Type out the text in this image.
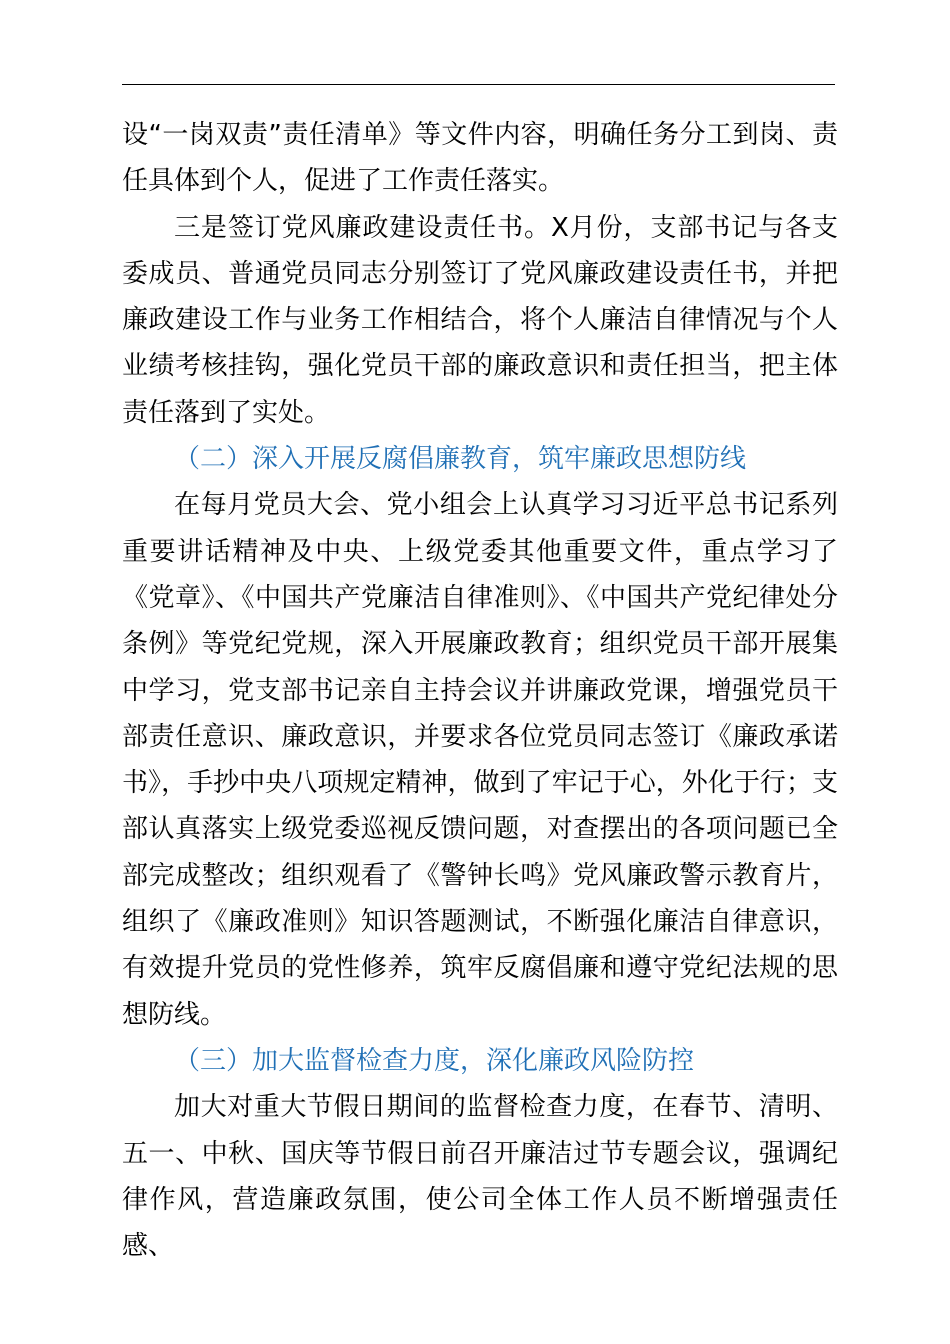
设“一岗双责”责任清单》等文件内容，明确任务分工到岗、责任具体到个人，促进了工作责任落实。

三是签订党风廉政建设责任书。X月份，支部书记与各支委成员、普通党员同志分别签订了党风廉政建设责任书，并把廉政建设工作与业务工作相结合，将个人廉洁自律情况与个人业绩考核挂钩，强化党员干部的廉政意识和责任担当，把主体责任落到了实处。

（二）深入开展反腐倡廉教育，筑牢廉政思想防线

在每月党员大会、党小组会上认真学习习近平总书记系列重要讲话精神及中央、上级党委其他重要文件，重点学习了《党章》、《中国共产党廉洁自律准则》、《中国共产党纪律处分条例》等党纪党规，深入开展廉政教育；组织党员干部开展集中学习，党支部书记亲自主持会议并讲廉政党课，增强党员干部责任意识、廉政意识，并要求各位党员同志签订《廉政承诺书》，手抄中央八项规定精神，做到了牢记于心，外化于行；支部认真落实上级党委巡视反馈问题，对查摆出的各项问题已全部完成整改；组织观看了《警钟长鸣》党风廉政警示教育片，组织了《廉政准则》知识答题测试，不断强化廉洁自律意识，有效提升党员的党性修养，筑牢反腐倡廉和遵守党纪法规的思想防线。

（三）加大监督检查力度，深化廉政风险防控

加大对重大节假日期间的监督检查力度，在春节、清明、五一、中秋、国庆等节假日前召开廉洁过节专题会议，强调纪律作风，营造廉政氛围，使公司全体工作人员不断增强责任感、
